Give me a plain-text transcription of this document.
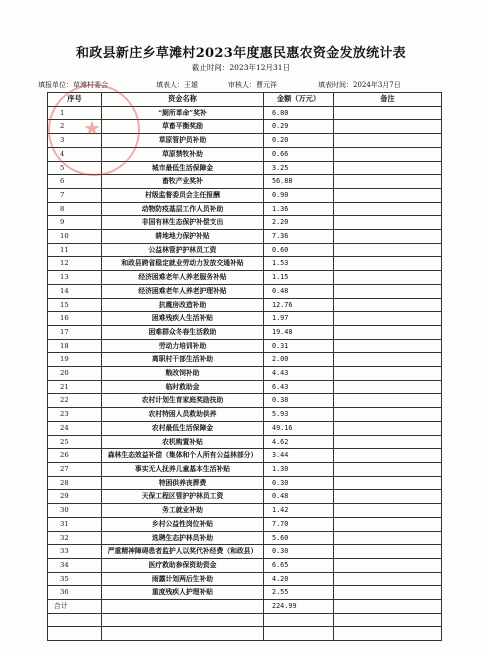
和政县新庄乡草滩村2023年度惠民惠农资金发放统计表
截止时间：2023年12月31日
填报单位：草滩村委会	填表人：王雄	审核人：曹元祥	填表时间：2024年3月7日
序号	资金名称	金额（万元）	备注
1	“厕所革命”奖补	6.80	
2	草畜平衡奖励	0.29	
3	草原管护员补助	0.20	
4	草原禁牧补助	0.66	
5	城市最低生活保障金	3.25	
6	畜牧产业奖补	56.88	
7	村级监督委员会主任报酬	0.90	
8	动物防疫基层工作人员补助	1.36	
9	非国有林生态保护补偿支出	2.20	
10	耕地地力保护补贴	7.36	
11	公益林管护护林员工资	0.60	
12	和政县跨省稳定就业劳动力发放交通补贴	1.53	
13	经济困难老年人养老服务补贴	1.15	
14	经济困难老年人养老护理补贴	0.48	
15	抗震房改造补助	12.76	
16	困难残疾人生活补贴	1.97	
17	困难群众冬春生活救助	19.40	
18	劳动力培训补助	0.31	
19	离职村干部生活补助	2.00	
20	粮改饲补助	4.43	
21	临时救助金	6.43	
22	农村计划生育家庭奖励扶助	0.38	
23	农村特困人员救助供养	5.93	
24	农村最低生活保障金	49.16	
25	农机购置补贴	4.62	
26	森林生态效益补偿（集体和个人所有公益林部分）	3.44	
27	事实无人抚养儿童基本生活补贴	1.30	
28	特困供养丧葬费	0.30	
29	天保工程区管护护林员工资	0.48	
30	务工就业补助	1.42	
31	乡村公益性岗位补贴	7.70	
32	选聘生态护林员补助	5.60	
33	严重精神障碍患者监护人以奖代补经费（和政县）	0.30	
34	医疗救助参保资助资金	6.65	
35	雨露计划两后生补助	4.20	
36	重度残疾人护理补贴	2.55	
合计		224.99	

★
